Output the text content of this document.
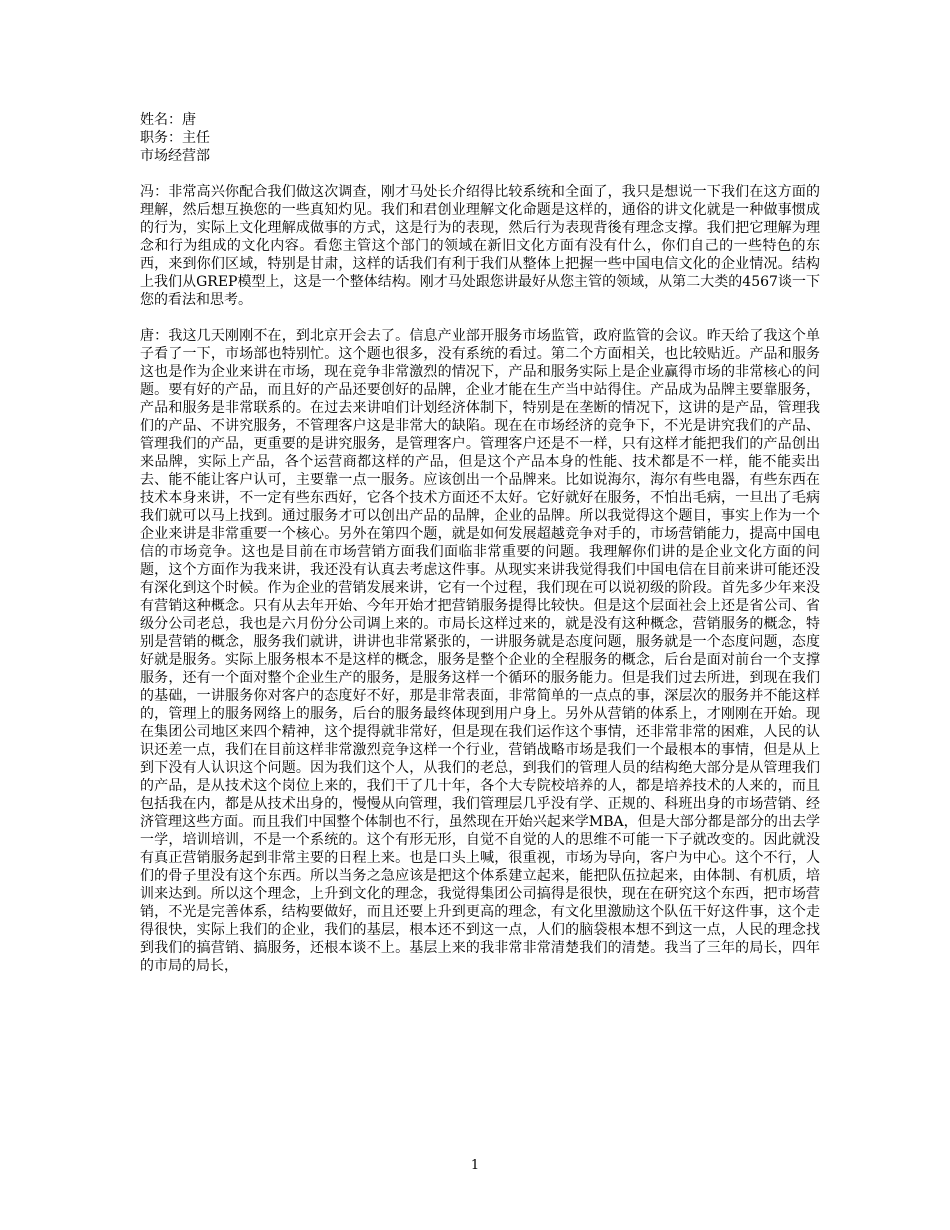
姓名：唐
职务：主任
市场经营部

冯：非常高兴你配合我们做这次调查，刚才马处长介绍得比较系统和全面了，我只是想说一下我们在这方面的理解，然后想互换您的一些真知灼见。我们和君创业理解文化命题是这样的，通俗的讲文化就是一种做事惯成的行为，实际上文化理解成做事的方式，这是行为的表现，然后行为表现背後有理念支撑。我们把它理解为理念和行为组成的文化内容。看您主管这个部门的领域在新旧文化方面有没有什么，你们自己的一些特色的东西，来到你们区域，特别是甘肃，这样的话我们有利于我们从整体上把握一些中国电信文化的企业情况。结构上我们从GREP模型上，这是一个整体结构。刚才马处跟您讲最好从您主管的领域，从第二大类的4567谈一下您的看法和思考。

唐：我这几天刚刚不在，到北京开会去了。信息产业部开服务市场监管，政府监管的会议。昨天给了我这个单子看了一下，市场部也特别忙。这个题也很多，没有系统的看过。第二个方面相关，也比较贴近。产品和服务这也是作为企业来讲在市场，现在竞争非常激烈的情况下，产品和服务实际上是企业赢得市场的非常核心的问题。要有好的产品，而且好的产品还要创好的品牌，企业才能在生产当中站得住。产品成为品牌主要靠服务，产品和服务是非常联系的。在过去来讲咱们计划经济体制下，特别是在垄断的情况下，这讲的是产品，管理我们的产品、不讲究服务，不管理客户这是非常大的缺陷。现在在市场经济的竞争下，不光是讲究我们的产品、管理我们的产品，更重要的是讲究服务，是管理客户。管理客户还是不一样，只有这样才能把我们的产品创出来品牌，实际上产品，各个运营商都这样的产品，但是这个产品本身的性能、技术都是不一样，能不能卖出去、能不能让客户认可，主要靠一点一服务。应该创出一个品牌来。比如说海尔，海尔有些电器，有些东西在技术本身来讲，不一定有些东西好，它各个技术方面还不太好。它好就好在服务，不怕出毛病，一旦出了毛病我们就可以马上找到。通过服务才可以创出产品的品牌，企业的品牌。所以我觉得这个题目，事实上作为一个企业来讲是非常重要一个核心。另外在第四个题，就是如何发展超越竞争对手的，市场营销能力，提高中国电信的市场竞争。这也是目前在市场营销方面我们面临非常重要的问题。我理解你们讲的是企业文化方面的问题，这个方面作为我来讲，我还没有认真去考虑这件事。从现实来讲我觉得我们中国电信在目前来讲可能还没有深化到这个时候。作为企业的营销发展来讲，它有一个过程，我们现在可以说初级的阶段。首先多少年来没有营销这种概念。只有从去年开始、今年开始才把营销服务提得比较快。但是这个层面社会上还是省公司、省级分公司老总，我也是六月份分公司调上来的。市局长这样过来的，就是没有这种概念，营销服务的概念，特别是营销的概念，服务我们就讲，讲讲也非常紧张的，一讲服务就是态度问题，服务就是一个态度问题，态度好就是服务。实际上服务根本不是这样的概念，服务是整个企业的全程服务的概念，后台是面对前台一个支撑服务，还有一个面对整个企业生产的服务，是服务这样一个循环的服务能力。但是我们过去所进，到现在我们的基础，一讲服务你对客户的态度好不好，那是非常表面，非常简单的一点点的事，深层次的服务并不能这样的，管理上的服务网络上的服务，后台的服务最终体现到用户身上。另外从营销的体系上，才刚刚在开始。现在集团公司地区来四个精神，这个提得就非常好，但是现在我们运作这个事情，还非常非常的困难，人民的认识还差一点，我们在目前这样非常激烈竞争这样一个行业，营销战略市场是我们一个最根本的事情，但是从上到下没有人认识这个问题。因为我们这个人，从我们的老总，到我们的管理人员的结构绝大部分是从管理我们的产品，是从技术这个岗位上来的，我们干了几十年，各个大专院校培养的人，都是培养技术的人来的，而且包括我在内，都是从技术出身的，慢慢从向管理，我们管理层几乎没有学、正规的、科班出身的市场营销、经济管理这些方面。而且我们中国整个体制也不行，虽然现在开始兴起来学MBA，但是大部分都是部分的出去学一学，培训培训，不是一个系统的。这个有形无形，自觉不自觉的人的思维不可能一下子就改变的。因此就没有真正营销服务起到非常主要的日程上来。也是口头上喊，很重视，市场为导向，客户为中心。这个不行，人们的骨子里没有这个东西。所以当务之急应该是把这个体系建立起来，能把队伍拉起来，由体制、有机质，培训来达到。所以这个理念，上升到文化的理念，我觉得集团公司搞得是很快，现在在研究这个东西，把市场营销，不光是完善体系，结构要做好，而且还要上升到更高的理念，有文化里激励这个队伍干好这件事，这个走得很快，实际上我们的企业，我们的基层，根本还不到这一点，人们的脑袋根本想不到这一点，人民的理念找到我们的搞营销、搞服务，还根本谈不上。基层上来的我非常非常清楚我们的清楚。我当了三年的局长，四年的市局的局长，

1
